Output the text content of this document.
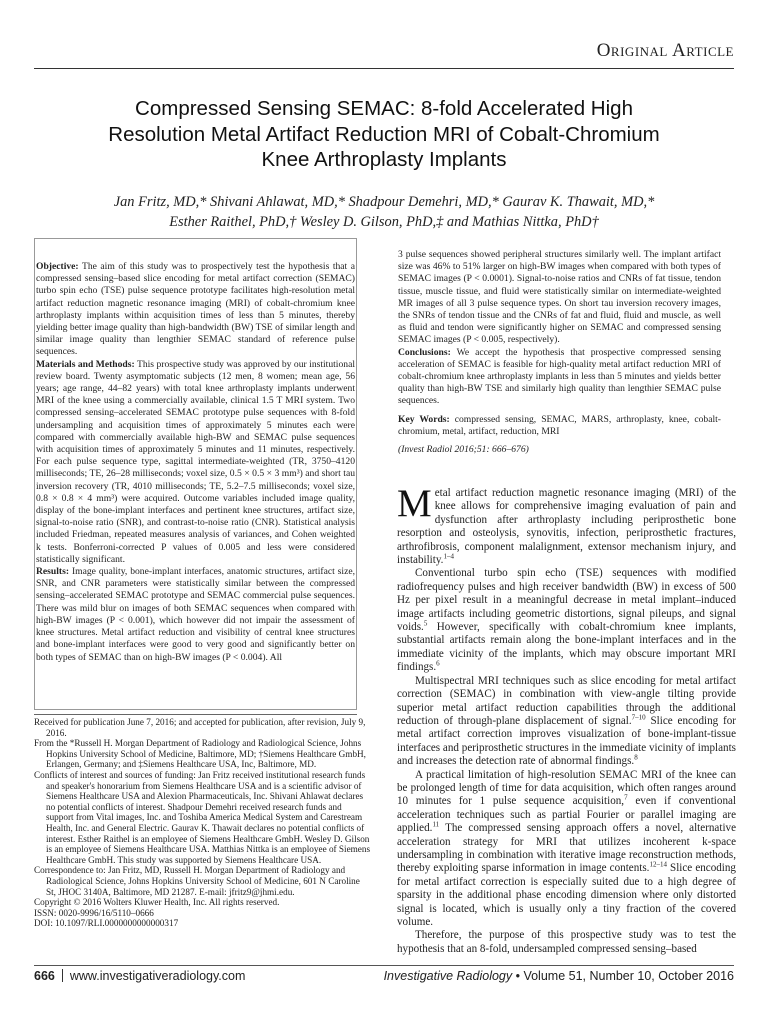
Original Article
Compressed Sensing SEMAC: 8-fold Accelerated High
Resolution Metal Artifact Reduction MRI of Cobalt-Chromium
Knee Arthroplasty Implants
Jan Fritz, MD,* Shivani Ahlawat, MD,* Shadpour Demehri, MD,* Gaurav K. Thawait, MD,*
Esther Raithel, PhD,† Wesley D. Gilson, PhD,‡ and Mathias Nittka, PhD†

Objective: The aim of this study was to prospectively test the hypothesis that a compressed sensing–based slice encoding for metal artifact correction (SEMAC) turbo spin echo (TSE) pulse sequence prototype facilitates high-resolution metal artifact reduction magnetic resonance imaging (MRI) of cobalt-chromium knee arthroplasty implants within acquisition times of less than 5 minutes, thereby yielding better image quality than high-bandwidth (BW) TSE of similar length and similar image quality than lengthier SEMAC standard of reference pulse sequences.

Materials and Methods: This prospective study was approved by our institutional review board. Twenty asymptomatic subjects (12 men, 8 women; mean age, 56 years; age range, 44–82 years) with total knee arthroplasty implants underwent MRI of the knee using a commercially available, clinical 1.5 T MRI system. Two compressed sensing–accelerated SEMAC prototype pulse sequences with 8-fold undersampling and acquisition times of approximately 5 minutes each were compared with commercially available high-BW and SEMAC pulse sequences with acquisition times of approximately 5 minutes and 11 minutes, respectively. For each pulse sequence type, sagittal intermediate-weighted (TR, 3750–4120 milliseconds; TE, 26–28 milliseconds; voxel size, 0.5 × 0.5 × 3 mm³) and short tau inversion recovery (TR, 4010 milliseconds; TE, 5.2–7.5 milliseconds; voxel size, 0.8 × 0.8 × 4 mm³) were acquired. Outcome variables included image quality, display of the bone-implant interfaces and pertinent knee structures, artifact size, signal-to-noise ratio (SNR), and contrast-to-noise ratio (CNR). Statistical analysis included Friedman, repeated measures analysis of variances, and Cohen weighted k tests. Bonferroni-corrected P values of 0.005 and less were considered statistically significant.

Results: Image quality, bone-implant interfaces, anatomic structures, artifact size, SNR, and CNR parameters were statistically similar between the compressed sensing–accelerated SEMAC prototype and SEMAC commercial pulse sequences. There was mild blur on images of both SEMAC sequences when compared with high-BW images (P < 0.001), which however did not impair the assessment of knee structures. Metal artifact reduction and visibility of central knee structures and bone-implant interfaces were good to very good and significantly better on both types of SEMAC than on high-BW images (P < 0.004). All

3 pulse sequences showed peripheral structures similarly well. The implant artifact size was 46% to 51% larger on high-BW images when compared with both types of SEMAC images (P < 0.0001). Signal-to-noise ratios and CNRs of fat tissue, tendon tissue, muscle tissue, and fluid were statistically similar on intermediate-weighted MR images of all 3 pulse sequence types. On short tau inversion recovery images, the SNRs of tendon tissue and the CNRs of fat and fluid, fluid and muscle, as well as fluid and tendon were significantly higher on SEMAC and compressed sensing SEMAC images (P < 0.005, respectively).

Conclusions: We accept the hypothesis that prospective compressed sensing acceleration of SEMAC is feasible for high-quality metal artifact reduction MRI of cobalt-chromium knee arthroplasty implants in less than 5 minutes and yields better quality than high-BW TSE and similarly high quality than lengthier SEMAC pulse sequences.

Key Words: compressed sensing, SEMAC, MARS, arthroplasty, knee, cobalt-chromium, metal, artifact, reduction, MRI

(Invest Radiol 2016;51: 666–676)

Metal artifact reduction magnetic resonance imaging (MRI) of the knee allows for comprehensive imaging evaluation of pain and dysfunction after arthroplasty including periprosthetic bone resorption and osteolysis, synovitis, infection, periprosthetic fractures, arthrofibrosis, component malalignment, extensor mechanism injury, and instability.$^{1-4}$

Conventional turbo spin echo (TSE) sequences with modified radiofrequency pulses and high receiver bandwidth (BW) in excess of 500 Hz per pixel result in a meaningful decrease in metal implant–induced image artifacts including geometric distortions, signal pileups, and signal voids.$^5$ However, specifically with cobalt-chromium knee implants, substantial artifacts remain along the bone-implant interfaces and in the immediate vicinity of the implants, which may obscure important MRI findings.$^6$

Multispectral MRI techniques such as slice encoding for metal artifact correction (SEMAC) in combination with view-angle tilting provide superior metal artifact reduction capabilities through the additional reduction of through-plane displacement of signal.$^{7-10}$ Slice encoding for metal artifact correction improves visualization of bone-implant-tissue interfaces and periprosthetic structures in the immediate vicinity of implants and increases the detection rate of abnormal findings.$^8$

A practical limitation of high-resolution SEMAC MRI of the knee can be prolonged length of time for data acquisition, which often ranges around 10 minutes for 1 pulse sequence acquisition,$^7$ even if conventional acceleration techniques such as partial Fourier or parallel imaging are applied.$^{11}$ The compressed sensing approach offers a novel, alternative acceleration strategy for MRI that utilizes incoherent k-space undersampling in combination with iterative image reconstruction methods, thereby exploiting sparse information in image contents.$^{12-14}$ Slice encoding for metal artifact correction is especially suited due to a high degree of sparsity in the additional phase encoding dimension where only distorted signal is located, which is usually only a tiny fraction of the covered volume.

Therefore, the purpose of this prospective study was to test the hypothesis that an 8-fold, undersampled compressed sensing–based

Received for publication June 7, 2016; and accepted for publication, after revision, July 9, 2016.
From the *Russell H. Morgan Department of Radiology and Radiological Science, Johns Hopkins University School of Medicine, Baltimore, MD; †Siemens Healthcare GmbH, Erlangen, Germany; and ‡Siemens Healthcare USA, Inc, Baltimore, MD.
Conflicts of interest and sources of funding: Jan Fritz received institutional research funds and speaker's honorarium from Siemens Healthcare USA and is a scientific advisor of Siemens Healthcare USA and Alexion Pharmaceuticals, Inc. Shivani Ahlawat declares no potential conflicts of interest. Shadpour Demehri received research funds and support from Vital images, Inc. and Toshiba America Medical System and Carestream Health, Inc. and General Electric. Gaurav K. Thawait declares no potential conflicts of interest. Esther Raithel is an employee of Siemens Healthcare GmbH. Wesley D. Gilson is an employee of Siemens Healthcare USA. Matthias Nittka is an employee of Siemens Healthcare GmbH. This study was supported by Siemens Healthcare USA.
Correspondence to: Jan Fritz, MD, Russell H. Morgan Department of Radiology and Radiological Science, Johns Hopkins University School of Medicine, 601 N Caroline St, JHOC 3140A, Baltimore, MD 21287. E-mail: jfritz9@jhmi.edu.
Copyright © 2016 Wolters Kluwer Health, Inc. All rights reserved.
ISSN: 0020-9996/16/5110–0666
DOI: 10.1097/RLI.0000000000000317
666 www.investigativeradiology.com	Investigative Radiology • Volume 51, Number 10, October 2016
